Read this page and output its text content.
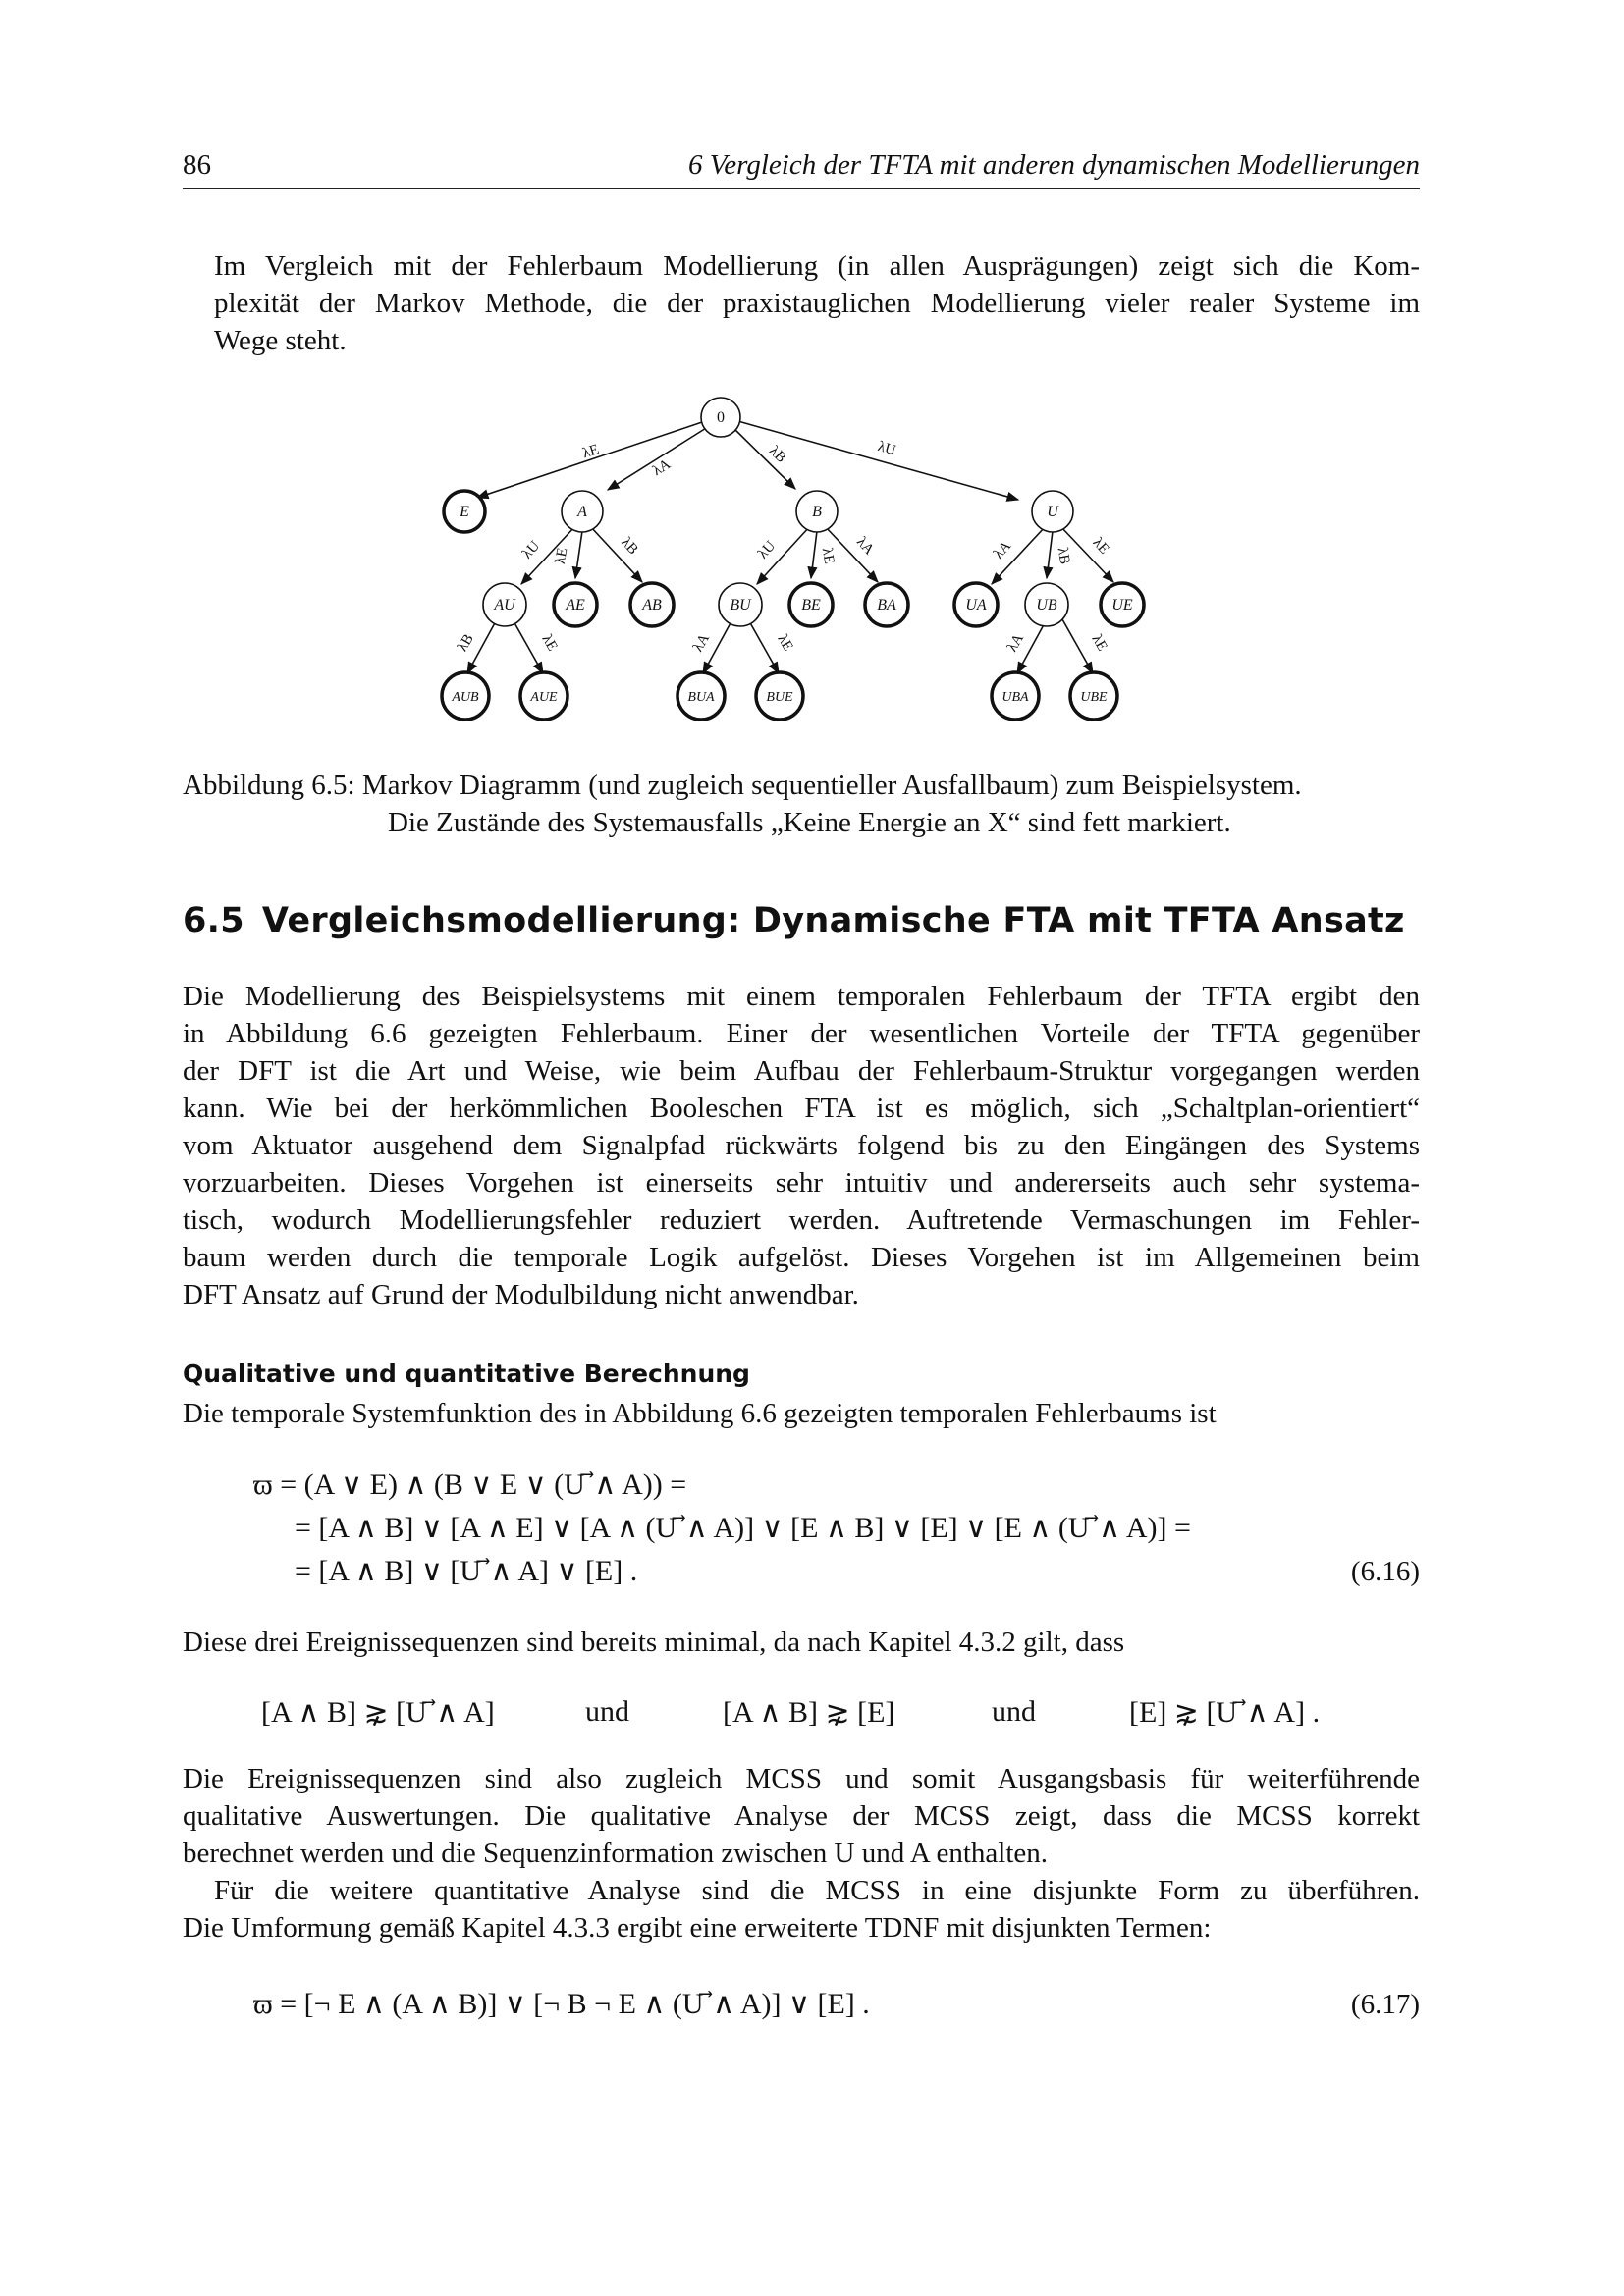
86	6 Vergleich der TFTA mit anderen dynamischen Modellierungen
Im Vergleich mit der Fehlerbaum Modellierung (in allen Ausprägungen) zeigt sich die Kom-
plexität der Markov Methode, die der praxistauglichen Modellierung vieler realer Systeme im
Wege steht.
0
E	A	B	U
AU	AE	AB	BU	BE	BA	UA	UB	UE
AUB	AUE	BUA	BUE	UBA	UBE
λE
λA
λB	λU
λU λE	λB	λU	λE λA	λA	λB λE
λB	λE	λA	λE	λA	λE
Abbildung 6.5: Markov Diagramm (und zugleich sequentieller Ausfallbaum) zum Beispielsystem.
Die Zustände des Systemausfalls „Keine Energie an X“ sind fett markiert.
6.5 Vergleichsmodellierung: Dynamische FTA mit TFTA Ansatz
Die Modellierung des Beispielsystems mit einem temporalen Fehlerbaum der TFTA ergibt den
in Abbildung 6.6 gezeigten Fehlerbaum. Einer der wesentlichen Vorteile der TFTA gegenüber
der DFT ist die Art und Weise, wie beim Aufbau der Fehlerbaum-Struktur vorgegangen werden
kann. Wie bei der herkömmlichen Booleschen FTA ist es möglich, sich „Schaltplan-orientiert“
vom Aktuator ausgehend dem Signalpfad rückwärts folgend bis zu den Eingängen des Systems
vorzuarbeiten. Dieses Vorgehen ist einerseits sehr intuitiv und andererseits auch sehr systema-
tisch, wodurch Modellierungsfehler reduziert werden. Auftretende Vermaschungen im Fehler-
baum werden durch die temporale Logik aufgelöst. Dieses Vorgehen ist im Allgemeinen beim
DFT Ansatz auf Grund der Modulbildung nicht anwendbar.
Qualitative und quantitative Berechnung
Die temporale Systemfunktion des in Abbildung 6.6 gezeigten temporalen Fehlerbaums ist
ϖ = (A ∨ E) ∧ (B ∨ E ∨ (U ⃗∧ A)) =
= [A ∧ B] ∨ [A ∧ E] ∨ [A ∧ (U ⃗∧ A)] ∨ [E ∧ B] ∨ [E] ∨ [E ∧ (U ⃗∧ A)] =
= [A ∧ B] ∨ [U ⃗∧ A] ∨ [E] .	(6.16)
Diese drei Ereignissequenzen sind bereits minimal, da nach Kapitel 4.3.2 gilt, dass
[A ∧ B] ⋧ [U ⃗∧ A]	und	[A ∧ B] ⋧ [E]	und	[E] ⋧ [U ⃗∧ A] .
Die Ereignissequenzen sind also zugleich MCSS und somit Ausgangsbasis für weiterführende
qualitative Auswertungen. Die qualitative Analyse der MCSS zeigt, dass die MCSS korrekt
berechnet werden und die Sequenzinformation zwischen U und A enthalten.
Für die weitere quantitative Analyse sind die MCSS in eine disjunkte Form zu überführen.
Die Umformung gemäß Kapitel 4.3.3 ergibt eine erweiterte TDNF mit disjunkten Termen:
ϖ = [¬ E ∧ (A ∧ B)] ∨ [¬ B ¬ E ∧ (U ⃗∧ A)] ∨ [E] .	(6.17)
